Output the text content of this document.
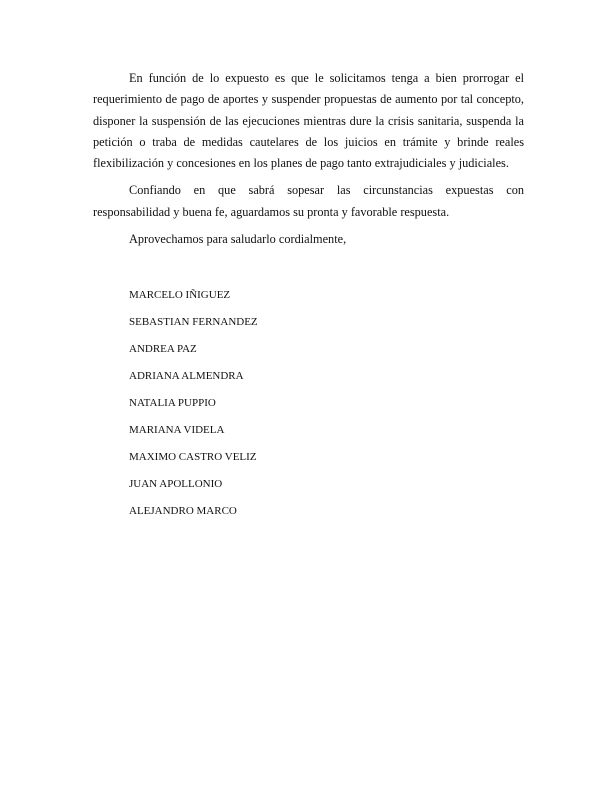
En función de lo expuesto es que le solicitamos tenga a bien prorrogar el requerimiento de pago de aportes y suspender propuestas de aumento por tal concepto, disponer la suspensión de las ejecuciones mientras dure la crisis sanitaria, suspenda la petición o traba de medidas cautelares de los juicios en trámite y brinde reales flexibilización y concesiones en los planes de pago tanto extrajudiciales y judiciales.

Confiando en que sabrá sopesar las circunstancias expuestas con responsabilidad y buena fe, aguardamos su pronta y favorable respuesta.

Aprovechamos para saludarlo cordialmente,

MARCELO IÑIGUEZ
SEBASTIAN FERNANDEZ
ANDREA PAZ
ADRIANA ALMENDRA
NATALIA PUPPIO
MARIANA VIDELA
MAXIMO CASTRO VELIZ
JUAN APOLLONIO
ALEJANDRO MARCO
